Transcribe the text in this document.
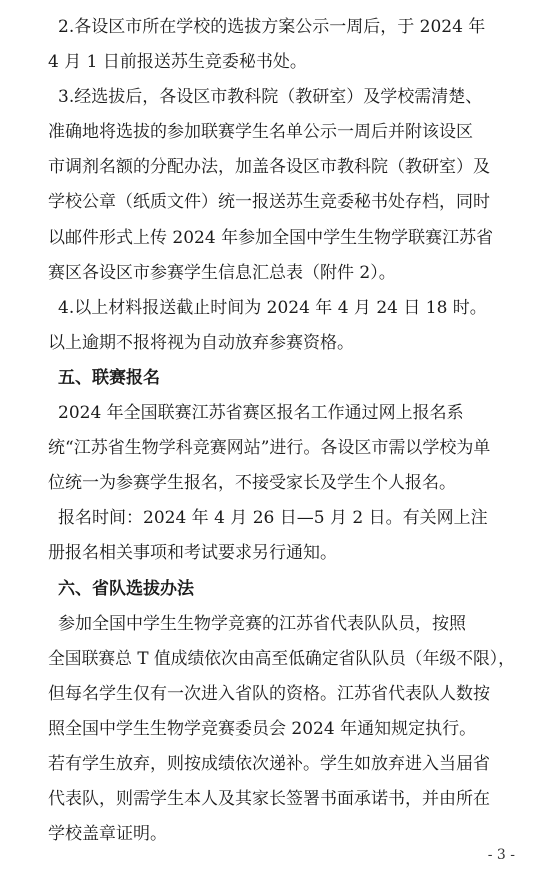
2.各设区市所在学校的选拔方案公示一周后，于 2024 年
4 月 1 日前报送苏生竞委秘书处。
3.经选拔后，各设区市教科院（教研室）及学校需清楚、
准确地将选拔的参加联赛学生名单公示一周后并附该设区
市调剂名额的分配办法，加盖各设区市教科院（教研室）及
学校公章（纸质文件）统一报送苏生竞委秘书处存档，同时
以邮件形式上传 2024 年参加全国中学生生物学联赛江苏省
赛区各设区市参赛学生信息汇总表（附件 2）。
4.以上材料报送截止时间为 2024 年 4 月 24 日 18 时。
以上逾期不报将视为自动放弃参赛资格。
五、联赛报名
2024 年全国联赛江苏省赛区报名工作通过网上报名系
统“江苏省生物学科竞赛网站”进行。各设区市需以学校为单
位统一为参赛学生报名，不接受家长及学生个人报名。
报名时间：2024 年 4 月 26 日—5 月 2 日。有关网上注
册报名相关事项和考试要求另行通知。
六、省队选拔办法
参加全国中学生生物学竞赛的江苏省代表队队员，按照
全国联赛总 T 值成绩依次由高至低确定省队队员（年级不限），
但每名学生仅有一次进入省队的资格。江苏省代表队人数按
照全国中学生生物学竞赛委员会 2024 年通知规定执行。
若有学生放弃，则按成绩依次递补。学生如放弃进入当届省
代表队，则需学生本人及其家长签署书面承诺书，并由所在
学校盖章证明。
- 3 -
